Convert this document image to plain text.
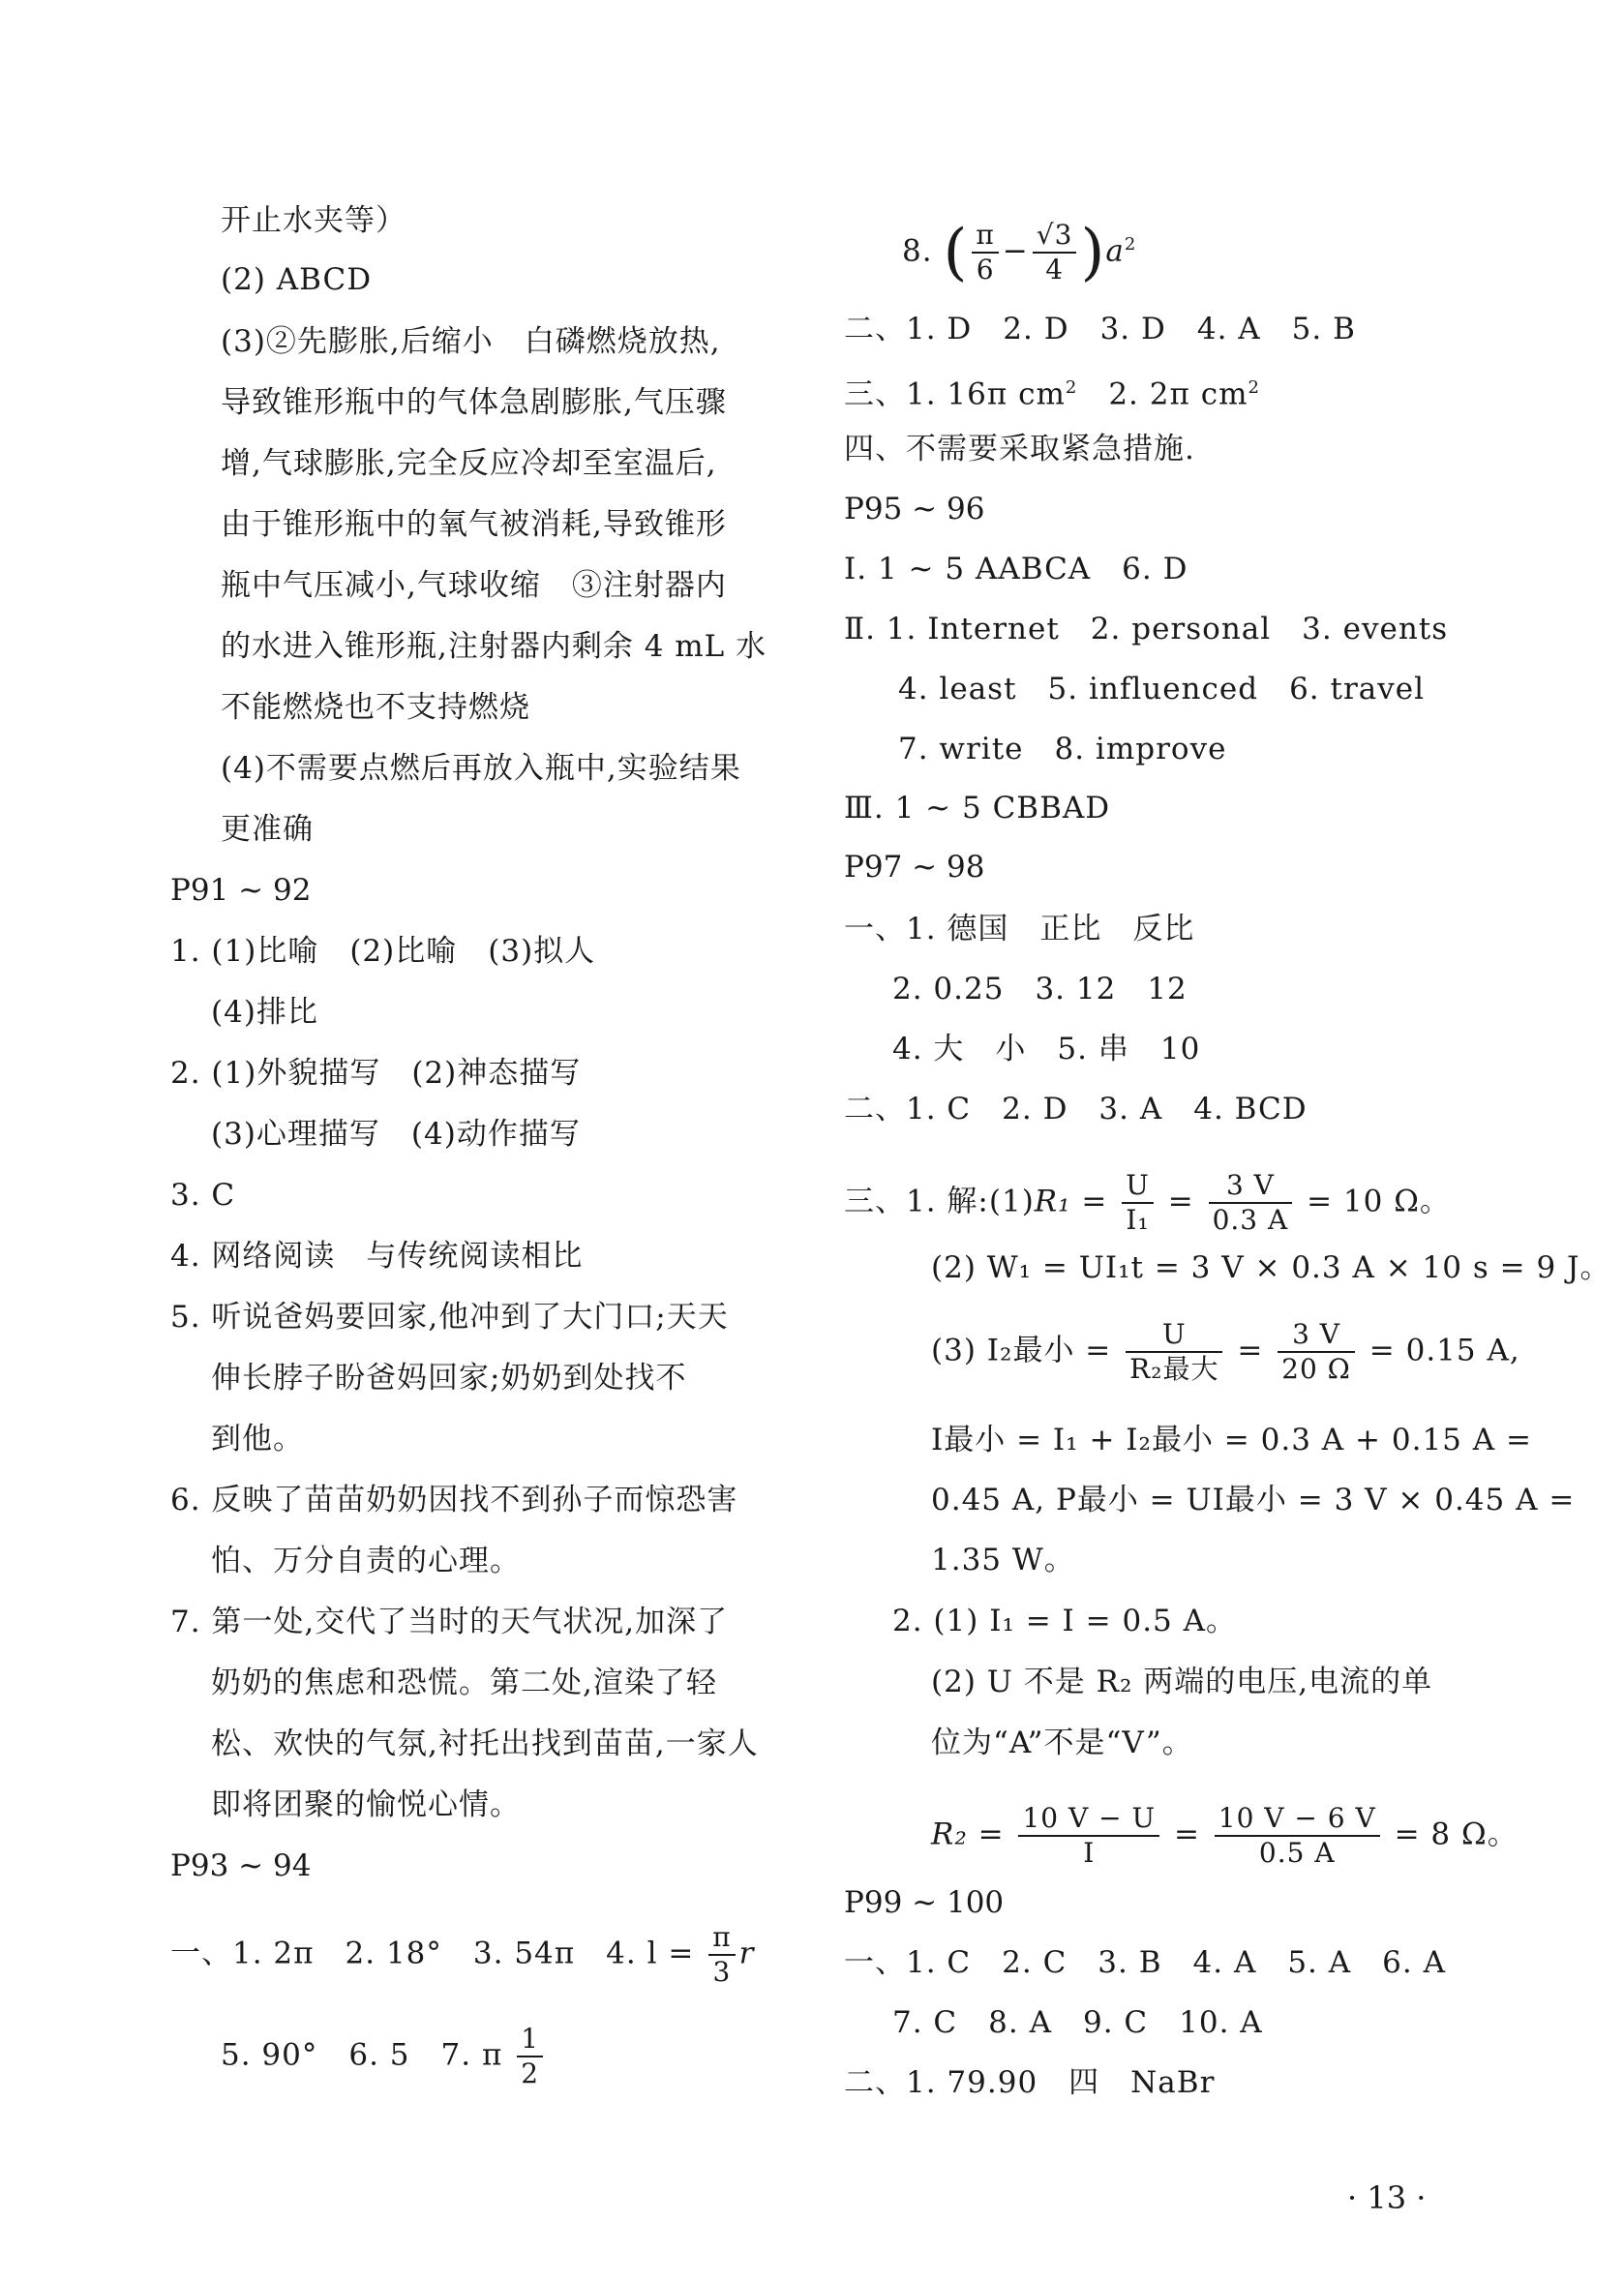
开止水夹等）
(2) ABCD
(3)②先膨胀,后缩小　白磷燃烧放热,
导致锥形瓶中的气体急剧膨胀,气压骤
增,气球膨胀,完全反应冷却至室温后,
由于锥形瓶中的氧气被消耗,导致锥形
瓶中气压减小,气球收缩　③注射器内
的水进入锥形瓶,注射器内剩余 4 mL 水
不能燃烧也不支持燃烧
(4)不需要点燃后再放入瓶中,实验结果
更准确
P91 ~ 92
1. (1)比喻　(2)比喻　(3)拟人
(4)排比
2. (1)外貌描写　(2)神态描写
(3)心理描写　(4)动作描写
3. C
4. 网络阅读　与传统阅读相比
5. 听说爸妈要回家,他冲到了大门口;天天
伸长脖子盼爸妈回家;奶奶到处找不
到他。
6. 反映了苗苗奶奶因找不到孙子而惊恐害
怕、万分自责的心理。
7. 第一处,交代了当时的天气状况,加深了
奶奶的焦虑和恐慌。第二处,渲染了轻
松、欢快的气氛,衬托出找到苗苗,一家人
即将团聚的愉悦心情。
P93 ~ 94
一、1. 2π　2. 18°　3. 54π　4. $l = \frac{\pi}{3}$ r
5. 90°　6. 5　7. π $\frac{1}{2}$
8. ( $\frac{\pi}{6} - \frac{√3}{4} )a^2$
二、1. D　2. D　3. D　4. A　5. B
三、1. 16π $cm^2$　2. 2π $cm^2$
四、不需要采取紧急措施.
P95 ~ 96
Ⅰ. 1 ~ 5 AABCA　6. D
Ⅱ. 1. Internet　2. personal　3. events
4. least　5. influenced　6. travel
7. write　8. improve
Ⅲ. 1 ~ 5 CBBAD
P97 ~ 98
一、1. 德国　正比　反比
2. 0.25　3. 12　12
4. 大　小　5. 串　10
二、1. C　2. D　3. A　4. BCD
三、1. 解:(1)R₁ = $\frac{U}{\text{I₁}} = \frac{3 V}{0.3 A} = 10$ Ω。
(2) W₁ = UI₁t = 3 V × 0.3 A × 10 s = 9 J。
(3) I₂最小 = $\frac{U}{\text{R₂最大}} = \frac{3 V}{20 \Omega} = 0.15$ A,
I最小 = I₁ + I₂最小 = 0.3 A + 0.15 A =
0.45 A, P最小 = UI最小 = 3 V × 0.45 A =
1.35 W。
2. (1) I₁ = I = 0.5 A。
(2) U 不是 R₂ 两端的电压,电流的单
位为“A”不是“V”。
$R_2 = \frac{10 V - U}{I} = \frac{10 V - 6 V}{0.5 A} = 8$ Ω。
P99 ~ 100
一、1. C　2. C　3. B　4. A　5. A　6. A
7. C　8. A　9. C　10. A
二、1. 79.90　四　NaBr
· 13 ·
